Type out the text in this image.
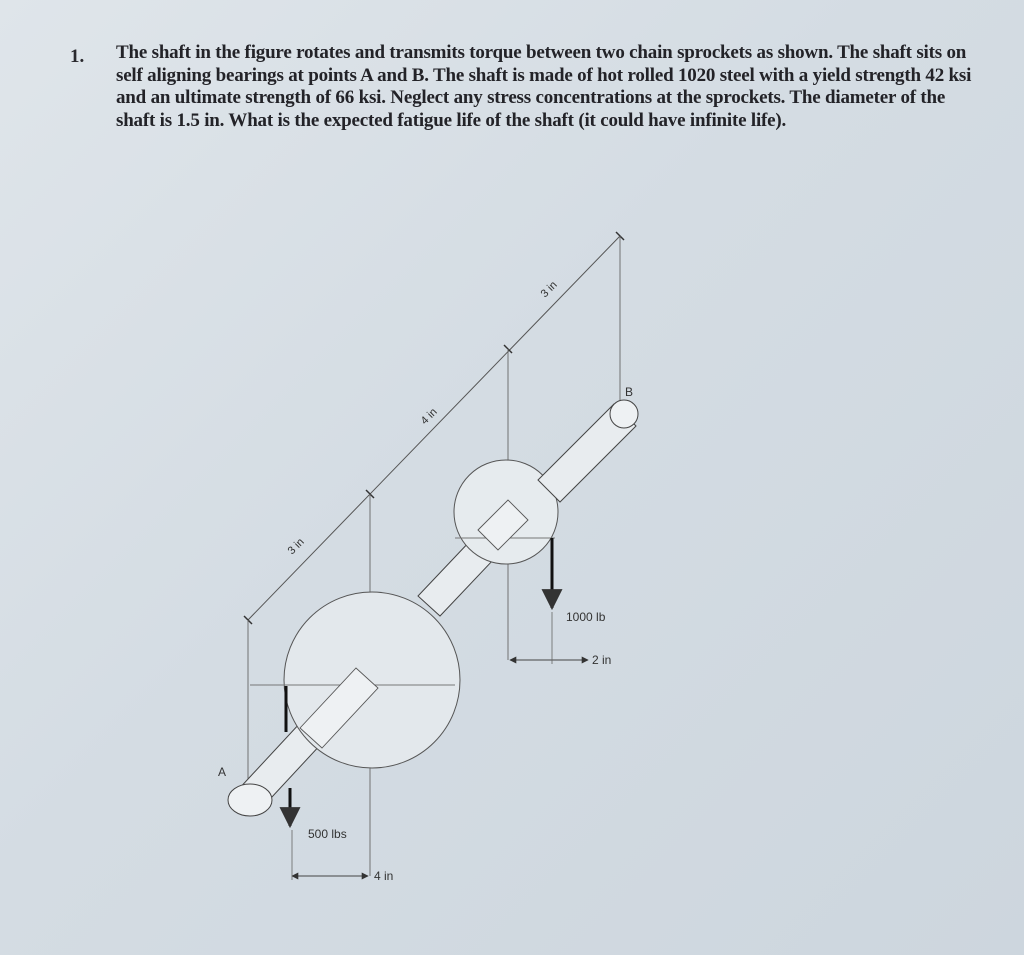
1. The shaft in the figure rotates and transmits torque between two chain sprockets as shown. The shaft sits on self aligning bearings at points A and B. The shaft is made of hot rolled 1020 steel with a yield strength 42 ksi and an ultimate strength of 66 ksi. Neglect any stress concentrations at the sprockets. The diameter of the shaft is 1.5 in. What is the expected fatigue life of the shaft (it could have infinite life).

A
B
3 in
4 in
3 in
1000 lb
500 lbs
2 in
4 in
